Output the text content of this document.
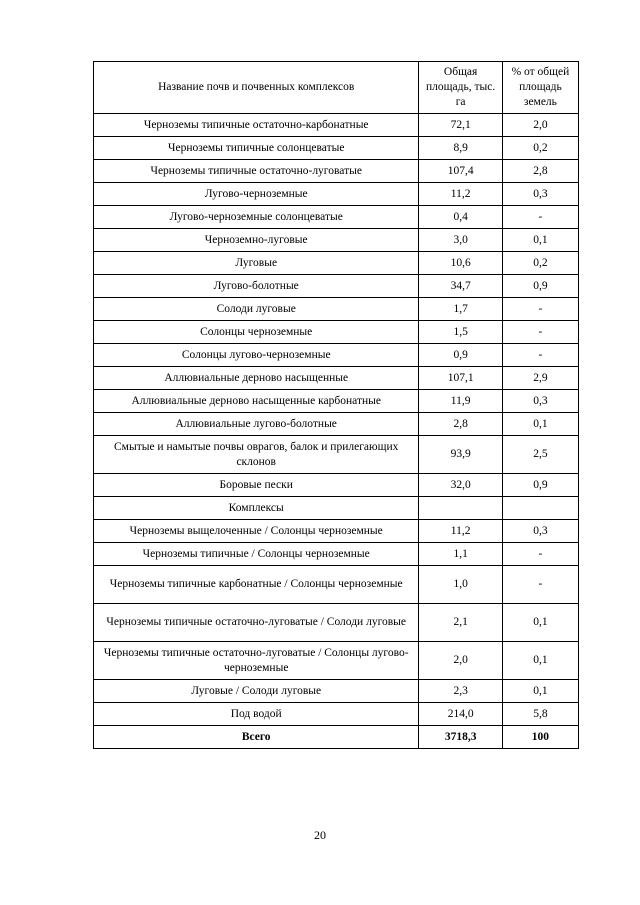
Название почв и почвенных комплексов	Общая площадь, тыс. га	% от общей площадь земель
Черноземы типичные остаточно-карбонатные	72,1	2,0
Черноземы типичные солонцеватые	8,9	0,2
Черноземы типичные остаточно-луговатые	107,4	2,8
Лугово-черноземные	11,2	0,3
Лугово-черноземные солонцеватые	0,4	-
Черноземно-луговые	3,0	0,1
Луговые	10,6	0,2
Лугово-болотные	34,7	0,9
Солоди луговые	1,7	-
Солонцы черноземные	1,5	-
Солонцы лугово-черноземные	0,9	-
Аллювиальные дерново насыщенные	107,1	2,9
Аллювиальные дерново насыщенные карбонатные	11,9	0,3
Аллювиальные лугово-болотные	2,8	0,1
Смытые и намытые почвы оврагов, балок и прилегающих склонов	93,9	2,5
Боровые пески	32,0	0,9
Комплексы		
Черноземы выщелоченные / Солонцы черноземные	11,2	0,3
Черноземы типичные / Солонцы черноземные	1,1	-
Черноземы типичные карбонатные / Солонцы черноземные	1,0	-
Черноземы типичные остаточно-луговатые / Солоди луговые	2,1	0,1
Черноземы типичные остаточно-луговатые / Солонцы лугово-черноземные	2,0	0,1
Луговые / Солоди луговые	2,3	0,1
Под водой	214,0	5,8
Всего	3718,3	100
20
